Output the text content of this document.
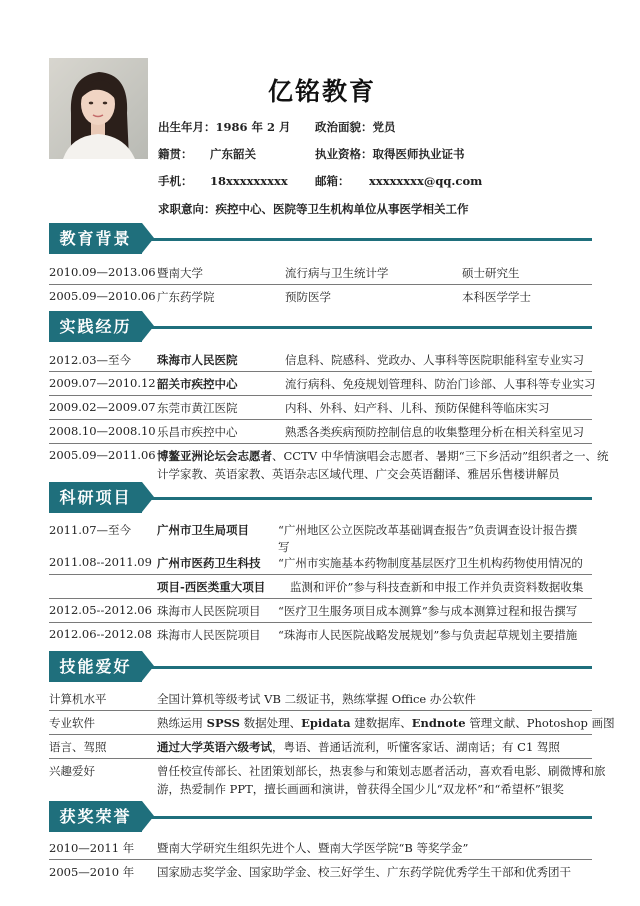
亿铭教育
出生年月：1986 年 2 月 政治面貌：党员
籍贯： 广东韶关	执业资格：取得医师执业证书
手机： 18xxxxxxxxx 邮箱： xxxxxxxx@qq.com
求职意向：疾控中心、医院等卫生机构单位从事医学相关工作
教育背景
2010.09—2013.06 暨南大学	流行病与卫生统计学	硕士研究生
2005.09—2010.06 广东药学院	预防医学	本科医学学士
实践经历
2012.03—至今 珠海市人民医院	信息科、院感科、党政办、人事科等医院职能科室专业实习
2009.07—2010.12 韶关市疾控中心	流行病科、免疫规划管理科、防治门诊部、人事科等专业实习
2009.02—2009.07 东莞市黄江医院	内科、外科、妇产科、儿科、预防保健科等临床实习
2008.10—2008.10 乐昌市疾控中心	熟悉各类疾病预防控制信息的收集整理分析在相关科室见习
2005.09—2011.06 博鳌亚洲论坛会志愿者、CCTV 中华情演唱会志愿者、暑期“三下乡活动”组织者之一、统
计学家教、英语家教、英语杂志区域代理、广交会英语翻译、雅居乐售楼讲解员
科研项目
2011.07—至今 广州市卫生局项目	“广州地区公立医院改革基础调查报告”负责调查设计报告撰
写
2011.08--2011.09 广州市医药卫生科技 “广州市实施基本药物制度基层医疗卫生机构药物使用情况的
项目-西医类重大项目 监测和评价”参与科技查新和申报工作并负责资料数据收集
2012.05--2012.06 珠海市人民医院项目 “医疗卫生服务项目成本测算”参与成本测算过程和报告撰写
2012.06--2012.08 珠海市人民医院项目 “珠海市人民医院战略发展规划”参与负责起草规划主要措施
技能爱好
计算机水平	全国计算机等级考试 VB 二级证书，熟练掌握 Office 办公软件
专业软件	熟练运用 SPSS 数据处理、Epidata 建数据库、Endnote 管理文献、Photoshop 画图
语言、驾照	通过大学英语六级考试，粤语、普通话流利，听懂客家话、湖南话；有 C1 驾照
兴趣爱好	曾任校宣传部长、社团策划部长，热衷参与和策划志愿者活动，喜欢看电影、刷微博和旅
游，热爱制作 PPT，擅长画画和演讲，曾获得全国少儿“双龙杯”和“希望杯”银奖
获奖荣誉
2010—2011 年 暨南大学研究生组织先进个人、暨南大学医学院“B 等奖学金”
2005—2010 年 国家励志奖学金、国家助学金、校三好学生、广东药学院优秀学生干部和优秀团干
